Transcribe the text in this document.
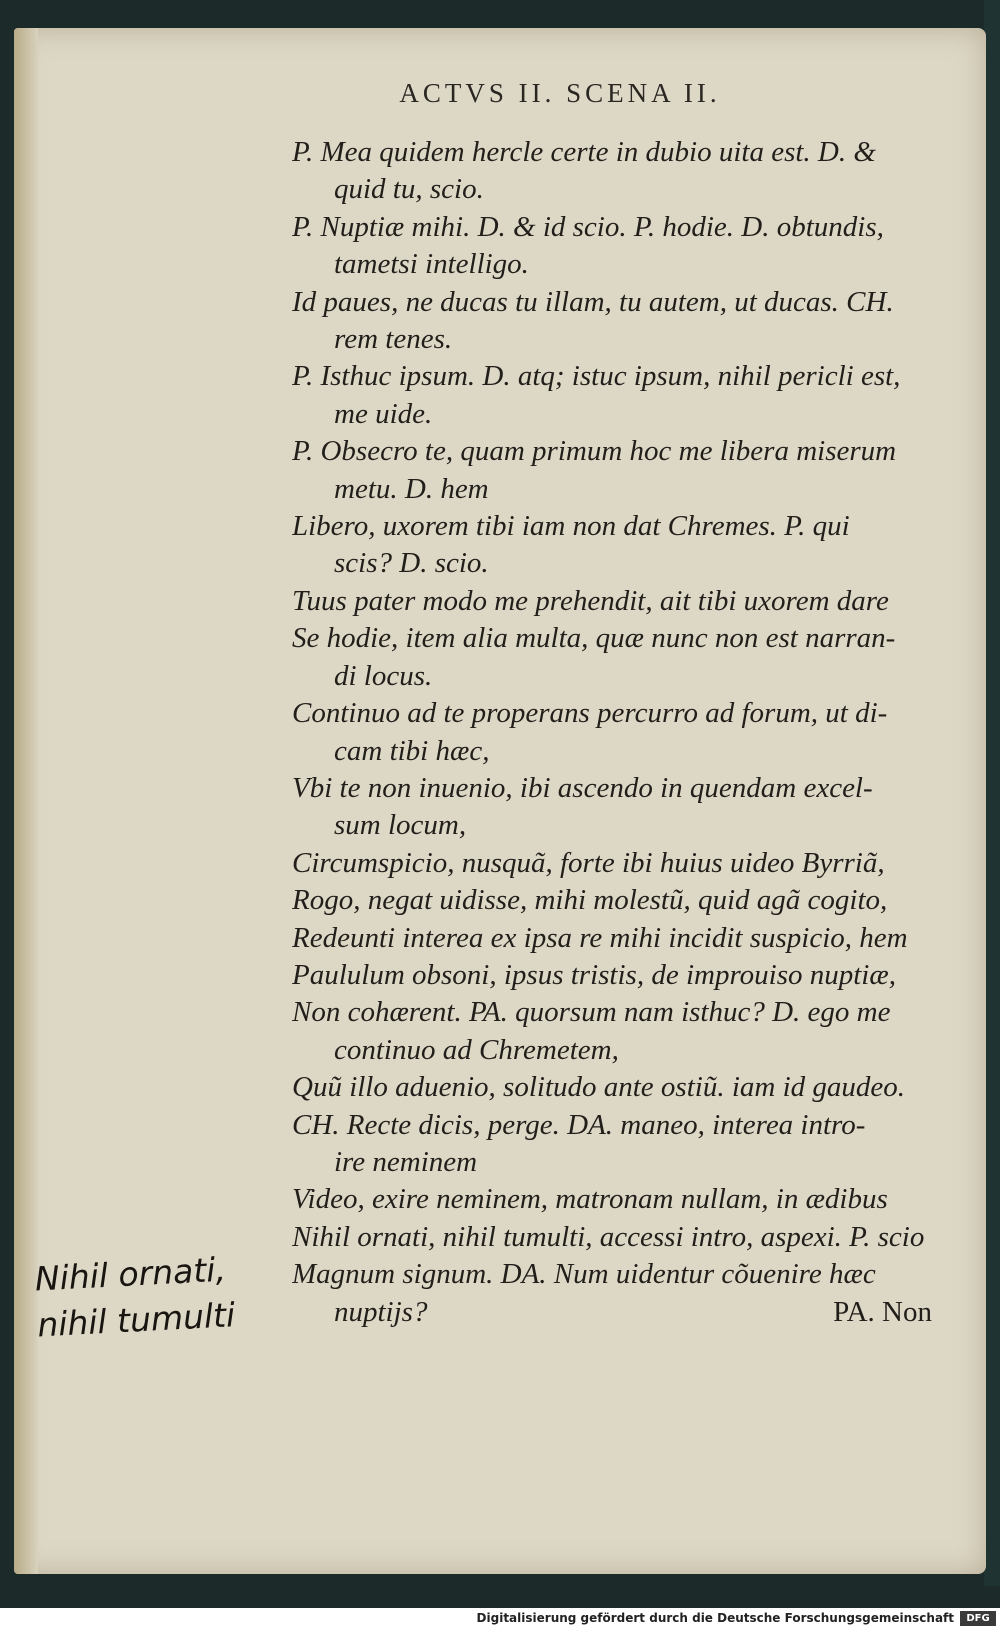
ACTVS II. SCENA II.
P. Mea quidem hercle certe in dubio uita est. D. &
quid tu, scio.
P. Nuptiæ mihi. D. & id scio. P. hodie. D. obtundis,
tametsi intelligo.
Id paues, ne ducas tu illam, tu autem, ut ducas. CH.
rem tenes.
P. Isthuc ipsum. D. atq; istuc ipsum, nihil pericli est,
me uide.
P. Obsecro te, quam primum hoc me libera miserum
metu. D. hem
Libero, uxorem tibi iam non dat Chremes. P. qui
scis? D. scio.
Tuus pater modo me prehendit, ait tibi uxorem dare
Se hodie, item alia multa, quæ nunc non est narran-
di locus.
Continuo ad te properans percurro ad forum, ut di-
cam tibi hæc,
Vbi te non inuenio, ibi ascendo in quendam excel-
sum locum,
Circumspicio, nusquã, forte ibi huius uideo Byrriã,
Rogo, negat uidisse, mihi molestũ, quid agã cogito,
Redeunti interea ex ipsa re mihi incidit suspicio, hem
Paululum obsoni, ipsus tristis, de improuiso nuptiæ,
Non cohærent. PA. quorsum nam isthuc? D. ego me
continuo ad Chremetem,
Quũ illo aduenio, solitudo ante ostiũ. iam id gaudeo.
CH. Recte dicis, perge. DA. maneo, interea intro-
ire neminem
Video, exire neminem, matronam nullam, in ædibus
Nihil ornati, nihil tumulti, accessi intro, aspexi. P. scio
Magnum signum. DA. Num uidentur cõuenire hæc
nuptijs?	PA. Non
Nihil ornati,
nihil tumulti
Digitalisierung gefördert durch die Deutsche Forschungsgemeinschaft	DFG
